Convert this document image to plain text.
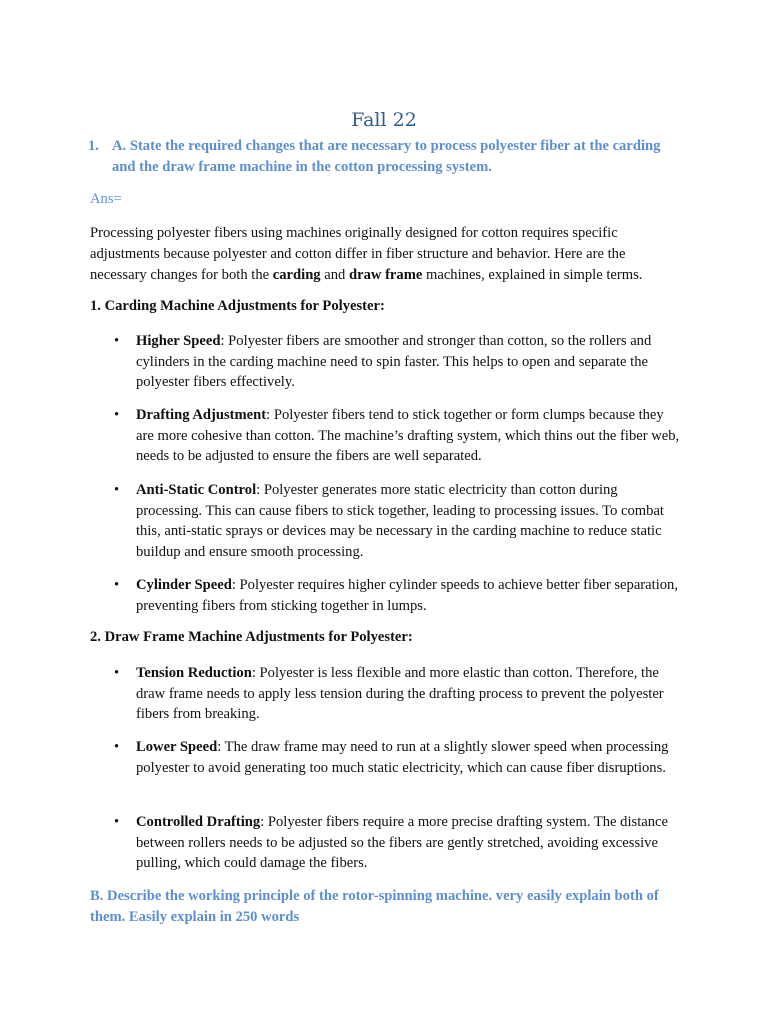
Fall 22
1. A. State the required changes that are necessary to process polyester fiber at the carding and the draw frame machine in the cotton processing system.
Ans=
Processing polyester fibers using machines originally designed for cotton requires specific adjustments because polyester and cotton differ in fiber structure and behavior. Here are the necessary changes for both the carding and draw frame machines, explained in simple terms.
1. Carding Machine Adjustments for Polyester:
• Higher Speed: Polyester fibers are smoother and stronger than cotton, so the rollers and cylinders in the carding machine need to spin faster. This helps to open and separate the polyester fibers effectively.
• Drafting Adjustment: Polyester fibers tend to stick together or form clumps because they are more cohesive than cotton. The machine’s drafting system, which thins out the fiber web, needs to be adjusted to ensure the fibers are well separated.
• Anti-Static Control: Polyester generates more static electricity than cotton during processing. This can cause fibers to stick together, leading to processing issues. To combat this, anti-static sprays or devices may be necessary in the carding machine to reduce static buildup and ensure smooth processing.
• Cylinder Speed: Polyester requires higher cylinder speeds to achieve better fiber separation, preventing fibers from sticking together in lumps.
2. Draw Frame Machine Adjustments for Polyester:
• Tension Reduction: Polyester is less flexible and more elastic than cotton. Therefore, the draw frame needs to apply less tension during the drafting process to prevent the polyester fibers from breaking.
• Lower Speed: The draw frame may need to run at a slightly slower speed when processing polyester to avoid generating too much static electricity, which can cause fiber disruptions.
• Controlled Drafting: Polyester fibers require a more precise drafting system. The distance between rollers needs to be adjusted so the fibers are gently stretched, avoiding excessive pulling, which could damage the fibers.
B. Describe the working principle of the rotor-spinning machine. very easily explain both of them. Easily explain in 250 words
